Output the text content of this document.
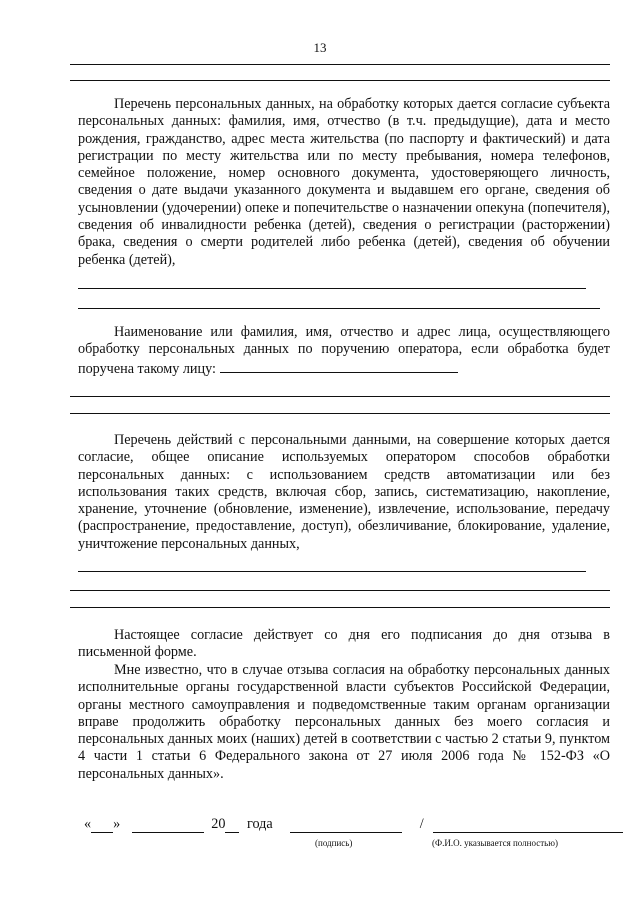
13

Перечень персональных данных, на обработку которых дается согласие субъекта персональных данных: фамилия, имя, отчество (в т.ч. предыдущие), дата и место рождения, гражданство, адрес места жительства (по паспорту и фактический) и дата регистрации по месту жительства или по месту пребывания, номера телефонов, семейное положение, номер основного документа, удостоверяющего личность, сведения о дате выдачи указанного документа и выдавшем его органе, сведения об усыновлении (удочерении) опеке и попечительстве о назначении опекуна (попечителя), сведения об инвалидности ребенка (детей), сведения о регистрации (расторжении) брака, сведения о смерти родителей либо ребенка (детей), сведения об обучении ребенка (детей),

Наименование или фамилия, имя, отчество и адрес лица, осуществляющего обработку персональных данных по поручению оператора, если обработка будет поручена такому лицу:

Перечень действий с персональными данными, на совершение которых дается согласие, общее описание используемых оператором способов обработки персональных данных: с использованием средств автоматизации или без использования таких средств, включая сбор, запись, систематизацию, накопление, хранение, уточнение (обновление, изменение), извлечение, использование, передачу (распространение, предоставление, доступ), обезличивание, блокирование, удаление, уничтожение персональных данных,

Настоящее согласие действует со дня его подписания до дня отзыва в письменной форме.

Мне известно, что в случае отзыва согласия на обработку персональных данных исполнительные органы государственной власти субъектов Российской Федерации, органы местного самоуправления и подведомственные таким органам организации вправе продолжить обработку персональных данных без моего согласия и персональных данных моих (наших) детей в соответствии с частью 2 статьи 9, пунктом 4 части 1 статьи 6 Федерального закона от 27 июля 2006 года № 152-ФЗ «О персональных данных».

« »	20 года	/
(подпись)	(Ф.И.О. указывается полностью)
